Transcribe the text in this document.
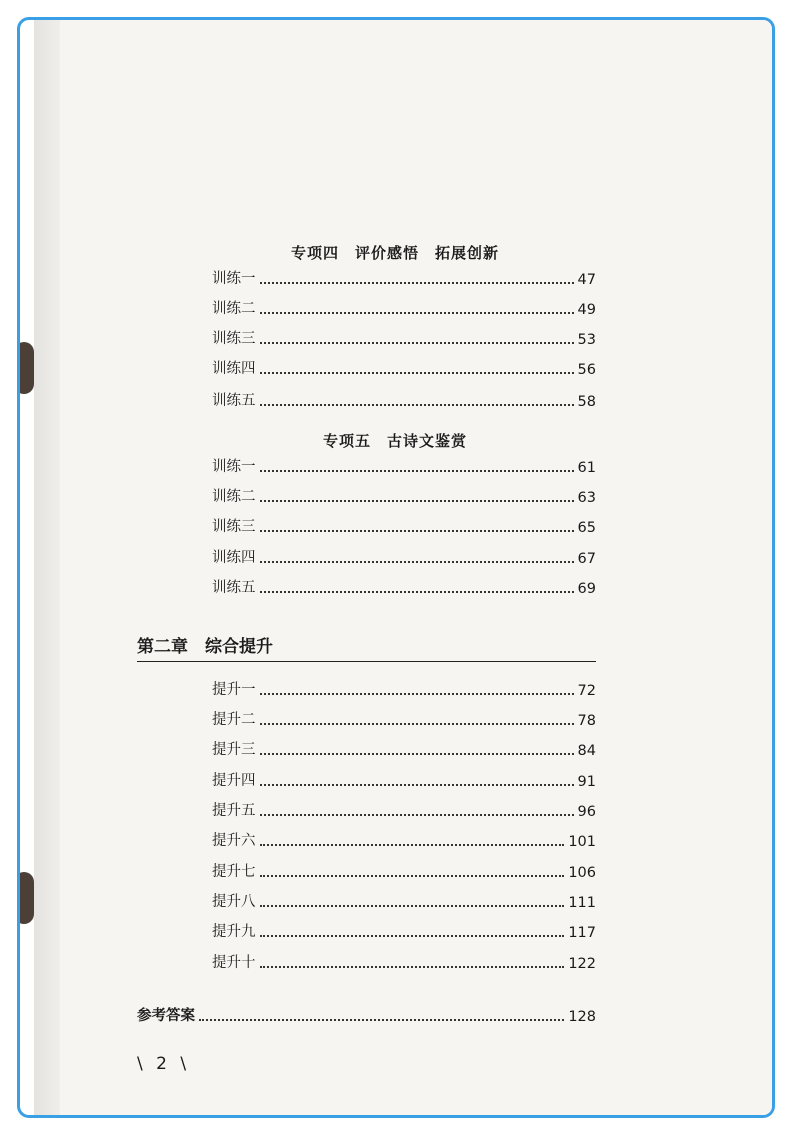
专项四　评价感悟　拓展创新
训练一	47
训练二	49
训练三	53
训练四	56
训练五	58
专项五　古诗文鉴赏
训练一	61
训练二	63
训练三	65
训练四	67
训练五	69
第二章　综合提升
提升一	72
提升二	78
提升三	84
提升四	91
提升五	96
提升六	101
提升七	106
提升八	111
提升九	117
提升十	122
参考答案	128
\ 2 \
